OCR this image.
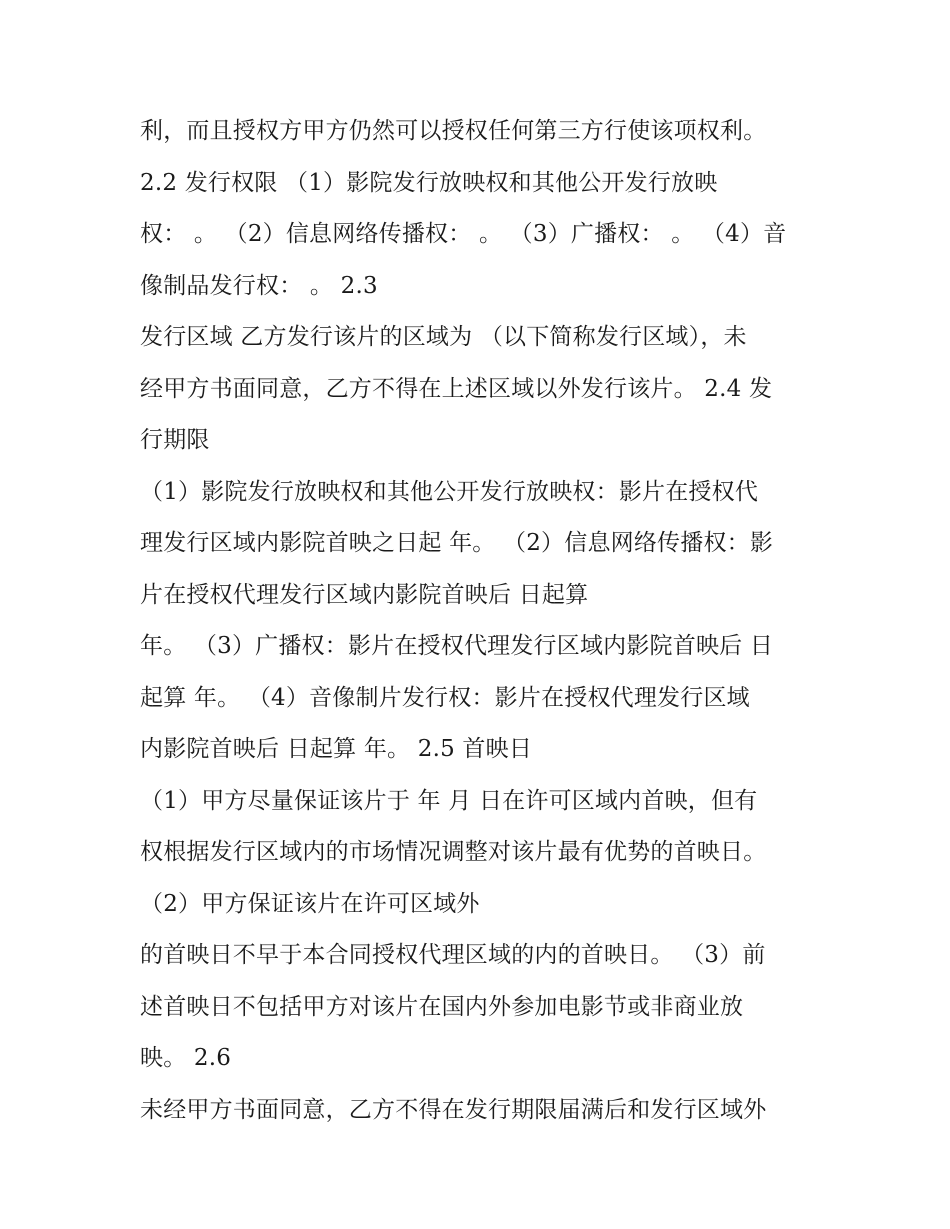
利，而且授权方甲方仍然可以授权任何第三方行使该项权利。
2.2 发行权限 （1）影院发行放映权和其他公开发行放映
权： 。 （2）信息网络传播权： 。 （3）广播权： 。 （4）音
像制品发行权： 。 2.3
发行区域 乙方发行该片的区域为 （以下简称发行区域），未
经甲方书面同意，乙方不得在上述区域以外发行该片。 2.4 发
行期限
（1）影院发行放映权和其他公开发行放映权：影片在授权代
理发行区域内影院首映之日起 年。 （2）信息网络传播权：影
片在授权代理发行区域内影院首映后 日起算
年。 （3）广播权：影片在授权代理发行区域内影院首映后 日
起算 年。 （4）音像制片发行权：影片在授权代理发行区域
内影院首映后 日起算 年。 2.5 首映日
（1）甲方尽量保证该片于 年 月 日在许可区域内首映，但有
权根据发行区域内的市场情况调整对该片最有优势的首映日。
（2）甲方保证该片在许可区域外
的首映日不早于本合同授权代理区域的内的首映日。 （3）前
述首映日不包括甲方对该片在国内外参加电影节或非商业放
映。 2.6
未经甲方书面同意，乙方不得在发行期限届满后和发行区域外
